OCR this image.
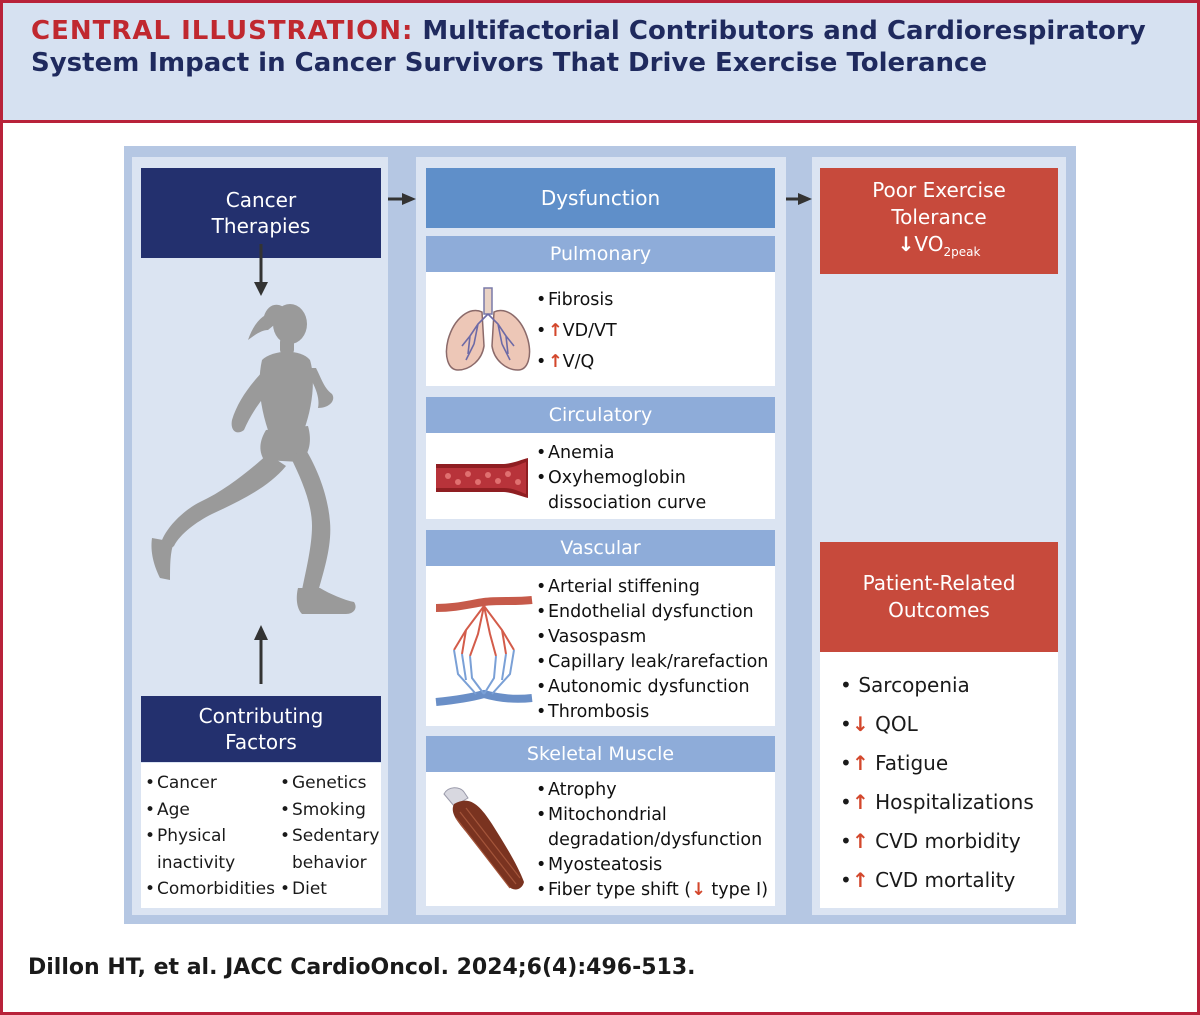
CENTRAL ILLUSTRATION: Multifactorial Contributors and Cardiorespiratory System Impact in Cancer Survivors That Drive Exercise Tolerance
Cancer
Therapies
Contributing
Factors
• Cancer
• Age
• Physical
inactivity
• Comorbidities
• Genetics
• Smoking
• Sedentary
behavior
• Diet
Dysfunction
Pulmonary
•Fibrosis
•↑VD/VT
•↑V/Q
Circulatory
•Anemia
•Oxyhemoglobin
dissociation curve
Vascular
•Arterial stiffening
•Endothelial dysfunction
•Vasospasm
•Capillary leak/rarefaction
•Autonomic dysfunction
•Thrombosis
Skeletal Muscle
•Atrophy
•Mitochondrial
degradation/dysfunction
•Myosteatosis
•Fiber type shift (↓ type I)
Poor Exercise
Tolerance
$↓VO_{2peak}$
Patient-Related
Outcomes
• Sarcopenia
•↓ QOL
•↑ Fatigue
•↑ Hospitalizations
•↑ CVD morbidity
•↑ CVD mortality
Dillon HT, et al. JACC CardioOncol. 2024;6(4):496-513.
